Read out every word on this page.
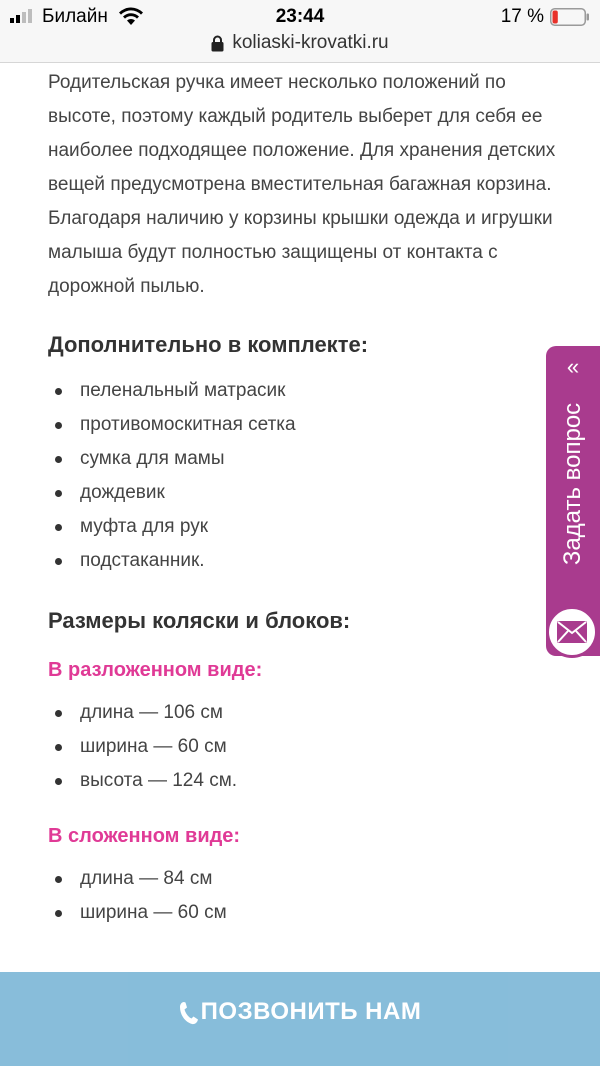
Билайн	23:44	17 %
koliaski-krovatki.ru

Родительская ручка имеет несколько положений по высоте, поэтому каждый родитель выберет для себя ее наиболее подходящее положение. Для хранения детских вещей предусмотрена вместительная багажная корзина. Благодаря наличию у корзины крышки одежда и игрушки малыша будут полностью защищены от контакта с дорожной пылью.

Дополнительно в комплекте:
пеленальный матрасик
противомоскитная сетка
сумка для мамы
дождевик
муфта для рук
подстаканник.
Размеры коляски и блоков:
В разложенном виде:
длина — 106 см
ширина — 60 см
высота — 124 см.
В сложенном виде:
длина — 84 см
ширина — 60 см
«
Задать вопрос
ПОЗВОНИТЬ НАМ
